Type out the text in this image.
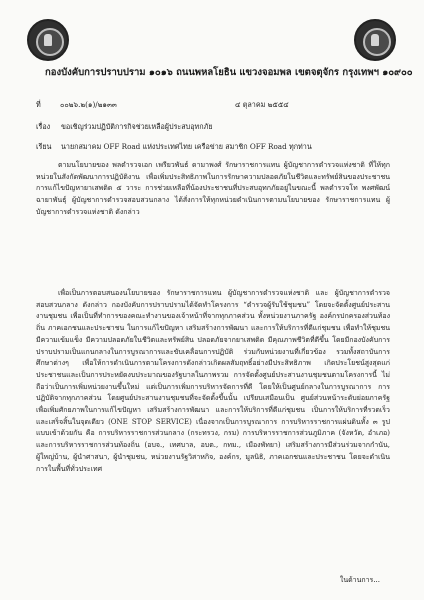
กองบังคับการปราบปราม ๑๐๑๖ ถนนพหลโยธิน แขวงจอมพล เขตจตุจักร กรุงเทพฯ ๑๐๙๐๐
ที่	๐๐๒๖.๒(๑)/๒๑๓๓	๔ ตุลาคม ๒๕๕๔
เรื่อง ขอเชิญร่วมปฏิบัติการกิจช่วยเหลือผู้ประสบอุทกภัย
เรียน นายกสมาคม OFF Road แห่งประเทศไทย เครือข่าย สมาชิก OFF Road ทุกท่าน

ตามนโยบายของ พลตำรวจเอก เพรียวพันธ์ ดามาพงศ์ รักษาราชการแทน ผู้บัญชาการตำรวจแห่งชาติ ที่ให้ทุกหน่วยในสังกัดพัฒนาการปฏิบัติงาน เพื่อเพิ่มประสิทธิภาพในการรักษาความปลอดภัยในชีวิตและทรัพย์สินของประชาชน การแก้ไขปัญหายาเสพติด ๕ วาระ การช่วยเหลือที่น้องประชาชนที่ประสบอุทกภัยอยู่ในขณะนี้ พลตำรวจโท พงศพัฒน์ ฉายาพันธุ์ ผู้บัญชาการตำรวจสอบสวนกลาง ได้สั่งการให้ทุกหน่วยดำเนินการตามนโยบายของ รักษาราชการแทน ผู้บัญชาการตำรวจแห่งชาติ ดังกล่าว

เพื่อเป็นการตอบสนองนโยบายของ รักษาราชการแทน ผู้บัญชาการตำรวจแห่งชาติ และ ผู้บัญชาการตำรวจสอบสวนกลาง ดังกล่าว กองบังคับการปราบปรามได้จัดทำโครงการ “ตำรวจผู้รับใช้ชุมชน” โดยจะจัดตั้งศูนย์ประสานงานชุมชน เพื่อเป็นที่ทำการของคณะทำงานของเจ้าหน้าที่จากทุกภาคส่วน ทั้งหน่วยงานภาครัฐ องค์กรปกครองส่วนท้องถิ่น ภาคเอกชนและประชาชน ในการแก้ไขปัญหา เสริมสร้างการพัฒนา และการให้บริการที่ดีแก่ชุมชน เพื่อทำให้ชุมชนมีความเข้มแข็ง มีความปลอดภัยในชีวิตและทรัพย์สิน ปลอดภัยจากยาเสพติด มีคุณภาพชีวิตที่ดีขึ้น โดยมีกองบังคับการปราบปรามเป็นแกนกลางในการบูรณาการและขับเคลื่อนการปฏิบัติ ร่วมกับหน่วยงานที่เกี่ยวข้อง รวมทั้งสถาบันการศึกษาต่างๆ เพื่อให้การดำเนินการตามโครงการดังกล่าวเกิดผลสัมฤทธิ์อย่างมีประสิทธิภาพ เกิดประโยชน์สูงสุดแก่ประชาชนและเป็นการประหยัดงบประมาณของรัฐบาลในภาพรวม การจัดตั้งศูนย์ประสานงานชุมชนตามโครงการนี้ ไม่ถือว่าเป็นการเพิ่มหน่วยงานขึ้นใหม่ แต่เป็นการเพิ่มการบริหารจัดการที่ดี โดยให้เป็นศูนย์กลางในการบูรณาการ การปฏิบัติจากทุกภาคส่วน โดยศูนย์ประสานงานชุมชนที่จะจัดตั้งขึ้นนั้น เปรียบเสมือนเป็น ศูนย์ส่วนหน้าระดับย่อยภาครัฐ เพื่อเพิ่มศักยภาพในการแก้ไขปัญหา เสริมสร้างการพัฒนา และการให้บริการที่ดีแก่ชุมชน เป็นการให้บริการที่รวดเร็ว และเสร็จสิ้นในจุดเดียว (ONE STOP SERVICE) เนื่องจากเป็นการบูรณาการ การบริหารราชการแผ่นดินทั้ง ๓ รูปแบบเข้าด้วยกัน คือ การบริหารราชการส่วนกลาง (กระทรวง, กรม) การบริหารราชการส่วนภูมิภาค (จังหวัด, อำเภอ) และการบริหารราชการส่วนท้องถิ่น (อบจ., เทศบาล, อบต., กทม., เมืองพัทยา) เสริมสร้างการมีส่วนร่วมจากกำนัน, ผู้ใหญ่บ้าน, ผู้นำศาสนา, ผู้นำชุมชน, หน่วยงานรัฐวิสาหกิจ, องค์กร, มูลนิธิ, ภาคเอกชนและประชาชน โดยจะดำเนินการในพื้นที่ทั่วประเทศ

ในด้านการ...
